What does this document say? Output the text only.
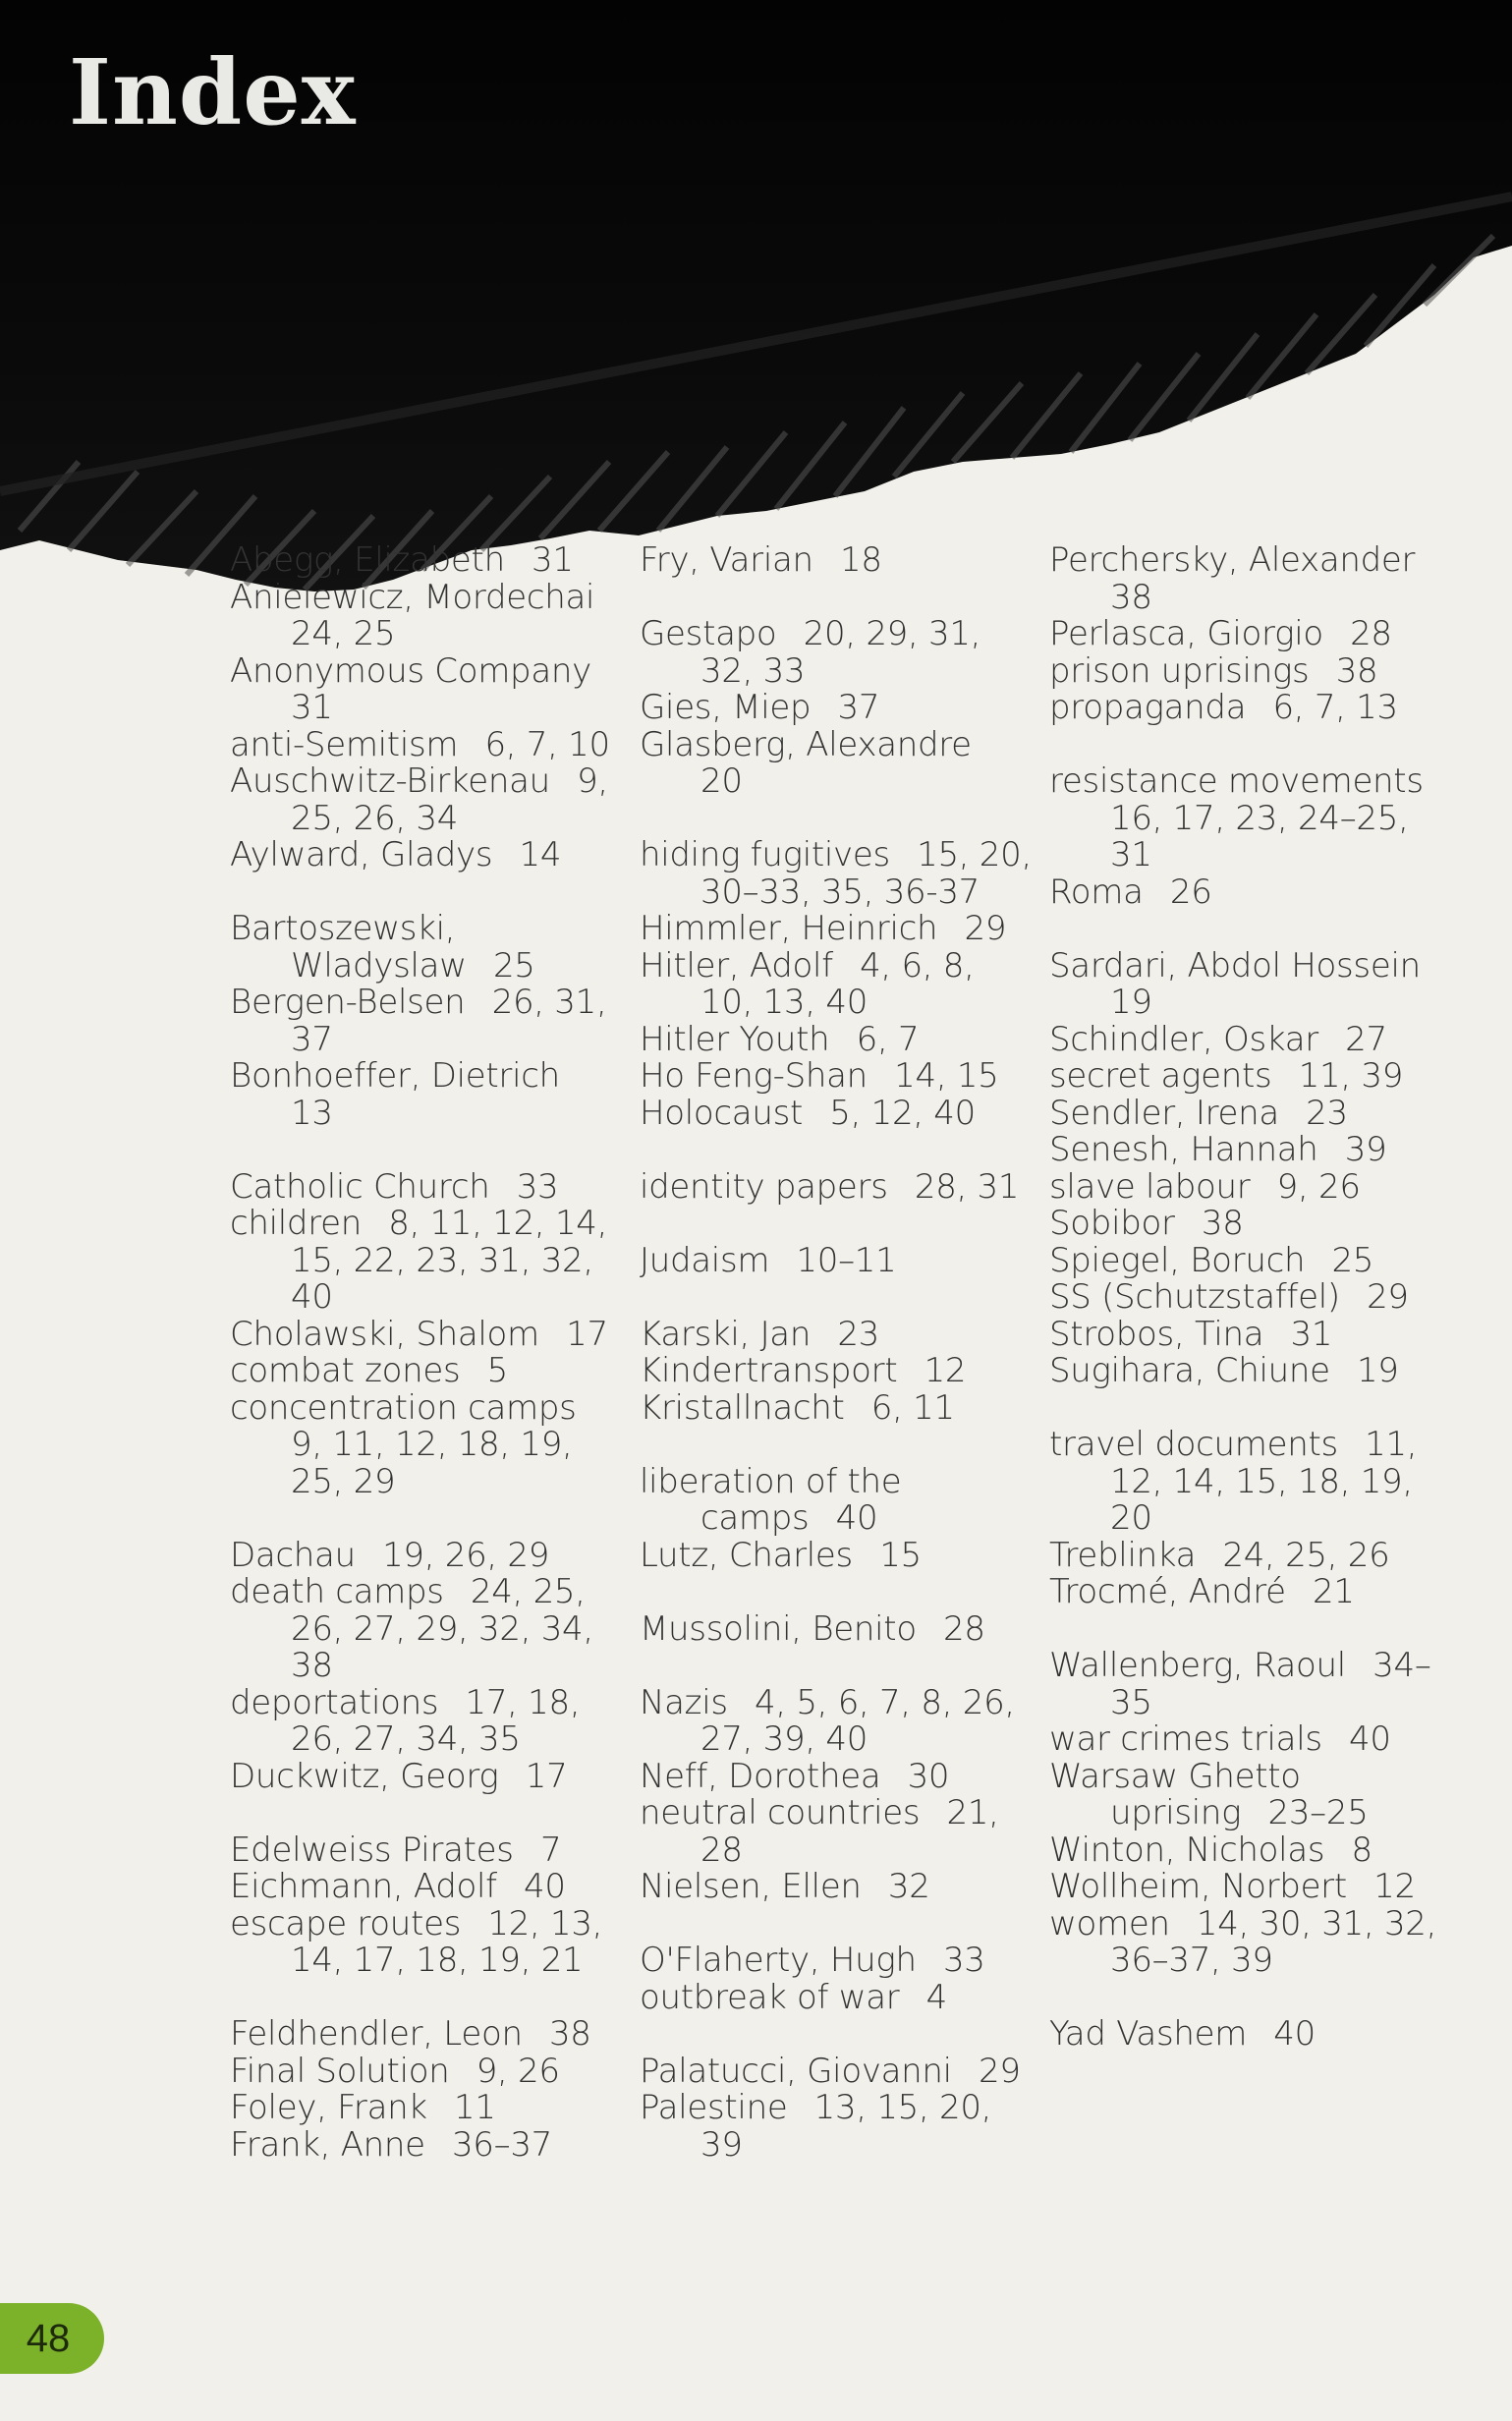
Index
Abegg, Elizabeth  31
Anielewicz, Mordechai  24, 25
Anonymous Company  31
anti-Semitism  6, 7, 10
Auschwitz-Birkenau  9, 25, 26, 34
Aylward, Gladys  14
Bartoszewski, Wladyslaw  25
Bergen-Belsen  26, 31, 37
Bonhoeffer, Dietrich  13
Catholic Church  33
children  8, 11, 12, 14, 15, 22, 23, 31, 32, 40
Cholawski, Shalom  17
combat zones  5
concentration camps  9, 11, 12, 18, 19, 25, 29
Dachau  19, 26, 29
death camps  24, 25, 26, 27, 29, 32, 34, 38
deportations  17, 18, 26, 27, 34, 35
Duckwitz, Georg  17
Edelweiss Pirates  7
Eichmann, Adolf  40
escape routes  12, 13, 14, 17, 18, 19, 21
Feldhendler, Leon  38
Final Solution  9, 26
Foley, Frank  11
Frank, Anne  36–37
Fry, Varian  18
Gestapo  20, 29, 31, 32, 33
Gies, Miep  37
Glasberg, Alexandre  20
hiding fugitives  15, 20, 30–33, 35, 36-37
Himmler, Heinrich  29
Hitler, Adolf  4, 6, 8, 10, 13, 40
Hitler Youth  6, 7
Ho Feng-Shan  14, 15
Holocaust  5, 12, 40
identity papers  28, 31
Judaism  10–11
Karski, Jan  23
Kindertransport  12
Kristallnacht  6, 11
liberation of the camps  40
Lutz, Charles  15
Mussolini, Benito  28
Nazis  4, 5, 6, 7, 8, 26, 27, 39, 40
Neff, Dorothea  30
neutral countries  21, 28
Nielsen, Ellen  32
O'Flaherty, Hugh  33
outbreak of war  4
Palatucci, Giovanni  29
Palestine  13, 15, 20, 39
Perchersky, Alexander  38
Perlasca, Giorgio  28
prison uprisings  38
propaganda  6, 7, 13
resistance movements  16, 17, 23, 24–25, 31
Roma  26
Sardari, Abdol Hossein  19
Schindler, Oskar  27
secret agents  11, 39
Sendler, Irena  23
Senesh, Hannah  39
slave labour  9, 26
Sobibor  38
Spiegel, Boruch  25
SS (Schutzstaffel)  29
Strobos, Tina  31
Sugihara, Chiune  19
travel documents  11, 12, 14, 15, 18, 19, 20
Treblinka  24, 25, 26
Trocmé, André  21
Wallenberg, Raoul  34–35
war crimes trials  40
Warsaw Ghetto uprising  23–25
Winton, Nicholas  8
Wollheim, Norbert  12
women  14, 30, 31, 32, 36–37, 39
Yad Vashem  40
48
